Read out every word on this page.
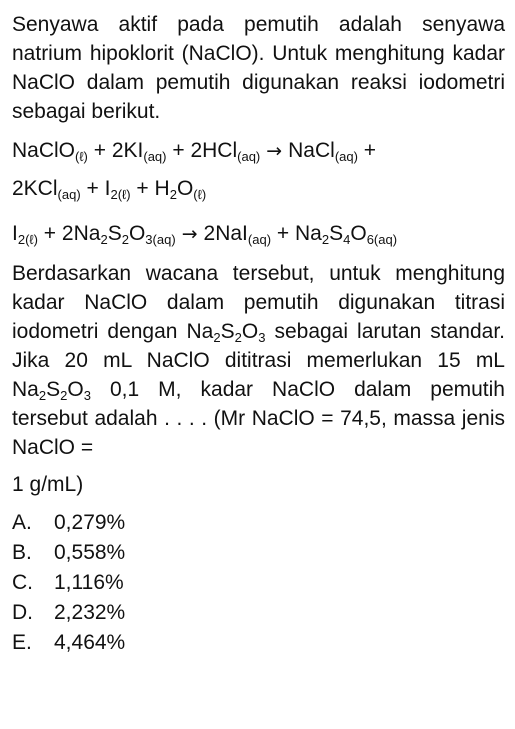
Senyawa aktif pada pemutih adalah senyawa natrium hipoklorit (NaClO). Untuk menghitung kadar NaClO dalam pemutih digunakan reaksi iodometri sebagai berikut.

NaClO$_{(\ell)}$ + $2KI_{(aq)} + 2HCl_{(aq)}$ → NaCl$_{(aq)}$ +
$2KCl_{(aq)} + I_{2(\ell)} + H_2O_{(\ell)}$
$I_{2(\ell)} + 2Na_2S_2O_{3(aq)} \to 2NaI_{(aq)} + Na_2S_4O_{6(aq)}$

Berdasarkan wacana tersebut, untuk menghitung kadar NaClO dalam pemutih digunakan titrasi iodometri dengan $Na_2S_2O_3$ sebagai larutan standar. Jika 20 mL NaClO dititrasi memerlukan 15 mL $Na_2S_2O_3$ 0,1 M, kadar NaClO dalam pemutih tersebut adalah . . . . (Mr NaClO = 74,5, massa jenis NaClO =

1 g/mL)
A.	0,279%
B.	0,558%
C.	1,116%
D.	2,232%
E.	4,464%
